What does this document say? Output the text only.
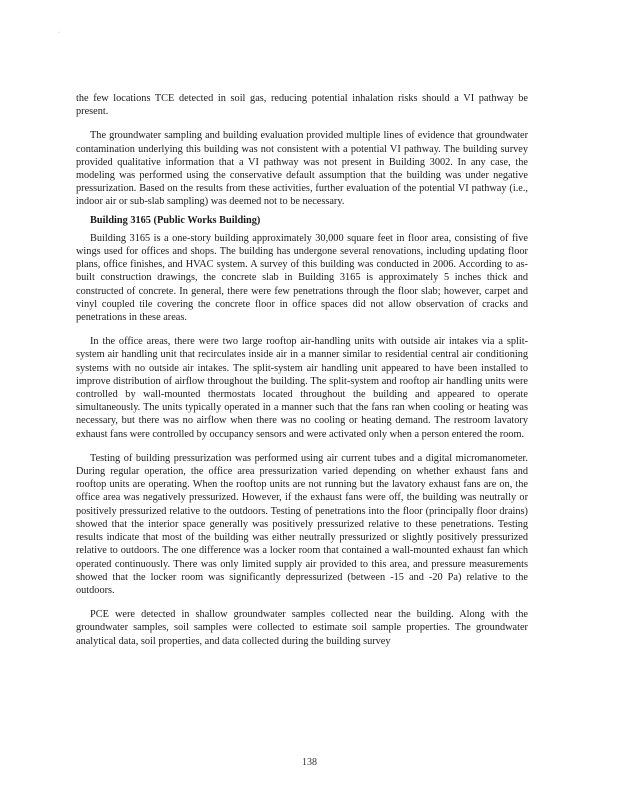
·

the few locations TCE detected in soil gas, reducing potential inhalation risks should a VI pathway be present.

The groundwater sampling and building evaluation provided multiple lines of evidence that groundwater contamination underlying this building was not consistent with a potential VI pathway. The building survey provided qualitative information that a VI pathway was not present in Building 3002. In any case, the modeling was performed using the conservative default assumption that the building was under negative pressurization. Based on the results from these activities, further evaluation of the potential VI pathway (i.e., indoor air or sub-slab sampling) was deemed not to be necessary.

Building 3165 (Public Works Building)

Building 3165 is a one-story building approximately 30,000 square feet in floor area, consisting of five wings used for offices and shops. The building has undergone several renovations, including updating floor plans, office finishes, and HVAC system. A survey of this building was conducted in 2006. According to as-built construction drawings, the concrete slab in Building 3165 is approximately 5 inches thick and constructed of concrete. In general, there were few penetrations through the floor slab; however, carpet and vinyl coupled tile covering the concrete floor in office spaces did not allow observation of cracks and penetrations in these areas.

In the office areas, there were two large rooftop air-handling units with outside air intakes via a split-system air handling unit that recirculates inside air in a manner similar to residential central air conditioning systems with no outside air intakes. The split-system air handling unit appeared to have been installed to improve distribution of airflow throughout the building. The split-system and rooftop air handling units were controlled by wall-mounted thermostats located throughout the building and appeared to operate simultaneously. The units typically operated in a manner such that the fans ran when cooling or heating was necessary, but there was no airflow when there was no cooling or heating demand. The restroom lavatory exhaust fans were controlled by occupancy sensors and were activated only when a person entered the room.

Testing of building pressurization was performed using air current tubes and a digital micromanometer. During regular operation, the office area pressurization varied depending on whether exhaust fans and rooftop units are operating. When the rooftop units are not running but the lavatory exhaust fans are on, the office area was negatively pressurized. However, if the exhaust fans were off, the building was neutrally or positively pressurized relative to the outdoors. Testing of penetrations into the floor (principally floor drains) showed that the interior space generally was positively pressurized relative to these penetrations. Testing results indicate that most of the building was either neutrally pressurized or slightly positively pressurized relative to outdoors. The one difference was a locker room that contained a wall-mounted exhaust fan which operated continuously. There was only limited supply air provided to this area, and pressure measurements showed that the locker room was significantly depressurized (between -15 and -20 Pa) relative to the outdoors.

PCE were detected in shallow groundwater samples collected near the building. Along with the groundwater samples, soil samples were collected to estimate soil sample properties. The groundwater analytical data, soil properties, and data collected during the building survey

138
